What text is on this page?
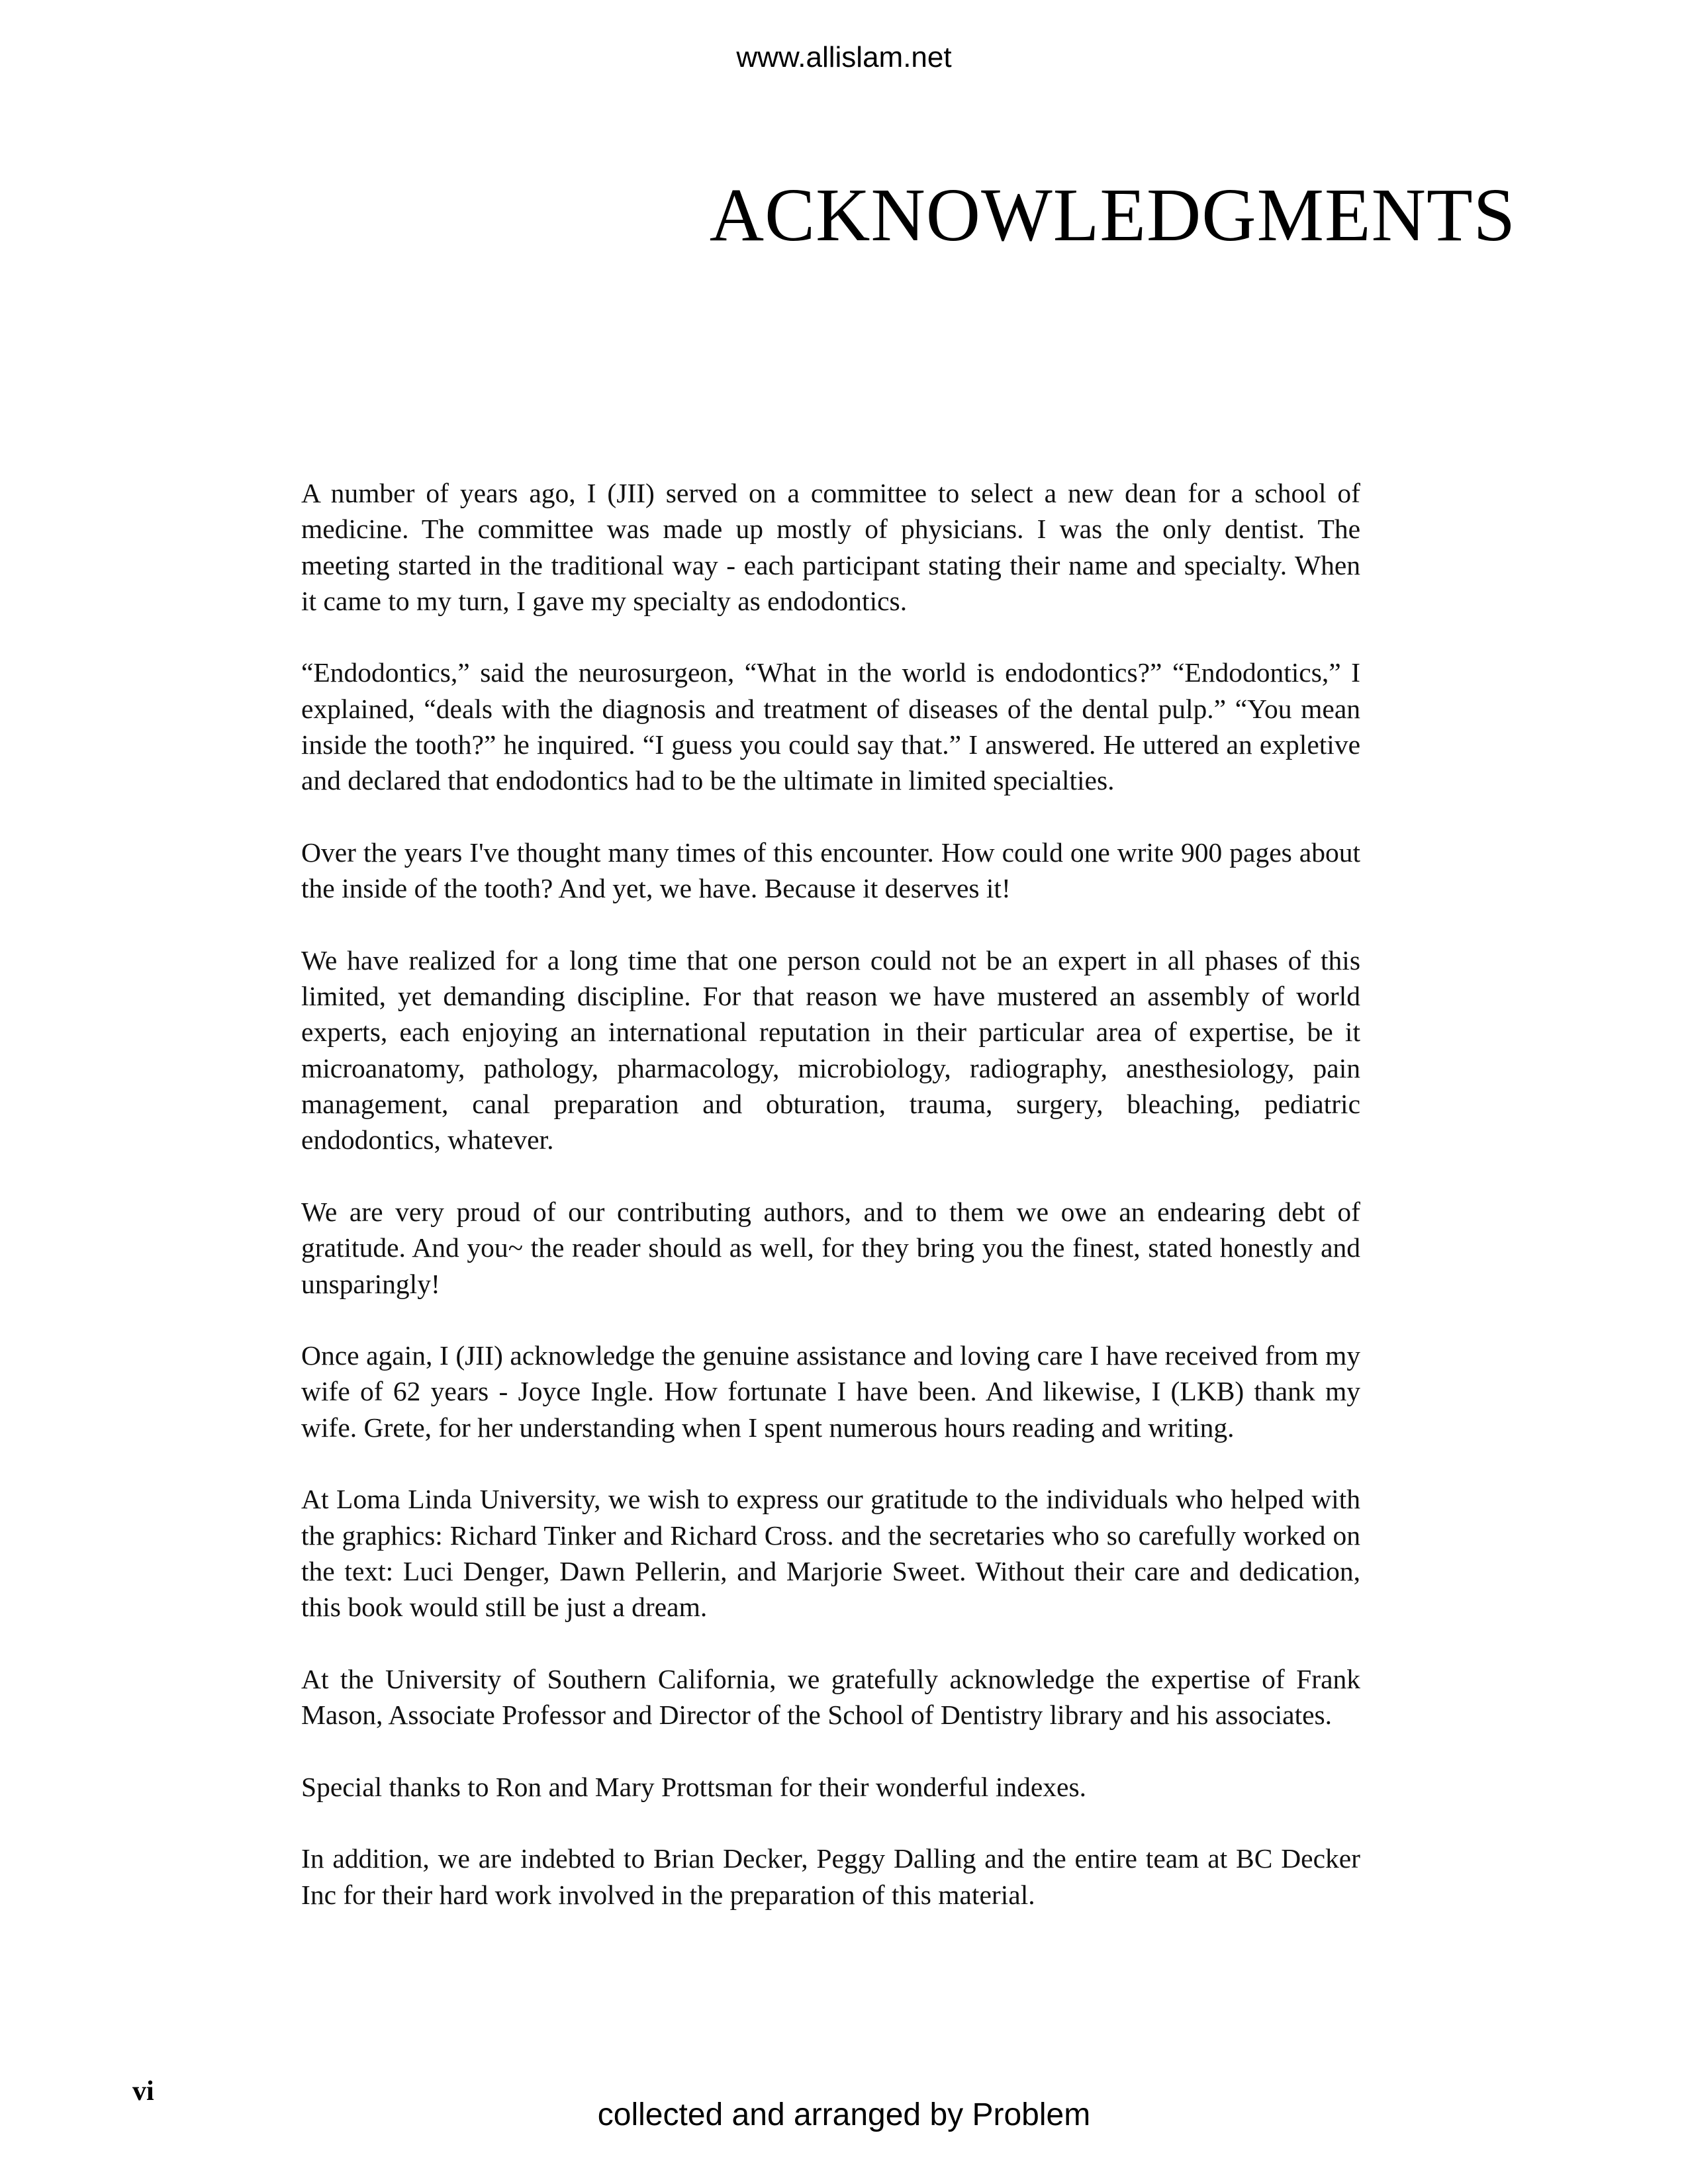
www.allislam.net
ACKNOWLEDGMENTS

A number of years ago, I (JII) served on a committee to select a new dean for a school of medicine. The committee was made up mostly of physicians. I was the only dentist. The meeting started in the traditional way - each participant stating their name and specialty. When it came to my turn, I gave my specialty as endodontics.

“Endodontics,” said the neurosurgeon, “What in the world is endodontics?” “Endodontics,” I explained, “deals with the diagnosis and treatment of diseases of the dental pulp.” “You mean inside the tooth?” he inquired. “I guess you could say that.” I answered. He uttered an expletive and declared that endodontics had to be the ultimate in limited specialties.

Over the years I've thought many times of this encounter. How could one write 900 pages about the inside of the tooth? And yet, we have. Because it deserves it!

We have realized for a long time that one person could not be an expert in all phases of this limited, yet demanding discipline. For that reason we have mustered an assembly of world experts, each enjoying an international reputation in their particular area of expertise, be it microanatomy, pathology, pharmacology, microbiology, radiography, anesthesiology, pain management, canal preparation and obturation, trauma, surgery, bleaching, pediatric endodontics, whatever.

We are very proud of our contributing authors, and to them we owe an endearing debt of gratitude. And you~ the reader should as well, for they bring you the finest, stated honestly and unsparingly!

Once again, I (JII) acknowledge the genuine assistance and loving care I have received from my wife of 62 years - Joyce Ingle. How fortunate I have been. And likewise, I (LKB) thank my wife. Grete, for her understanding when I spent numerous hours reading and writing.

At Loma Linda University, we wish to express our gratitude to the individuals who helped with the graphics: Richard Tinker and Richard Cross. and the secretaries who so carefully worked on the text: Luci Denger, Dawn Pellerin, and Marjorie Sweet. Without their care and dedication, this book would still be just a dream.

At the University of Southern California, we gratefully acknowledge the expertise of Frank Mason, Associate Professor and Director of the School of Dentistry library and his associates.

Special thanks to Ron and Mary Prottsman for their wonderful indexes.

In addition, we are indebted to Brian Decker, Peggy Dalling and the entire team at BC Decker Inc for their hard work involved in the preparation of this material.

vi
collected and arranged by Problem
